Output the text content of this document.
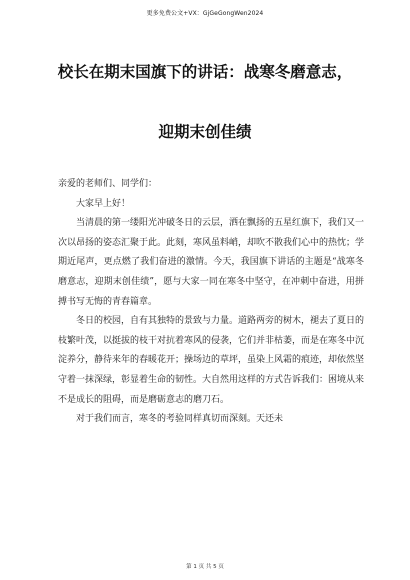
更多免费公文+VX：GjGeGongWen2024
校长在期末国旗下的讲话：战寒冬磨意志，
迎期末创佳绩

亲爱的老师们、同学们：

大家早上好！

当清晨的第一缕阳光冲破冬日的云层，洒在飘扬的五星红旗下，我们又一次以昂扬的姿态汇聚于此。此刻，寒风虽料峭，却吹不散我们心中的热忱；学期近尾声，更点燃了我们奋进的激情。今天，我国旗下讲话的主题是“战寒冬磨意志，迎期末创佳绩”，愿与大家一同在寒冬中坚守，在冲刺中奋进，用拼搏书写无悔的青春篇章。

冬日的校园，自有其独特的景致与力量。道路两旁的树木，褪去了夏日的枝繁叶茂，以挺拔的枝干对抗着寒风的侵袭，它们并非枯萎，而是在寒冬中沉淀养分，静待来年的春暖花开；操场边的草坪，虽染上风霜的痕迹，却依然坚守着一抹深绿，彰显着生命的韧性。大自然用这样的方式告诉我们：困境从来不是成长的阻碍，而是磨砺意志的磨刀石。

对于我们而言，寒冬的考验同样真切而深刻。天还未

第 1 页 共 5 页
